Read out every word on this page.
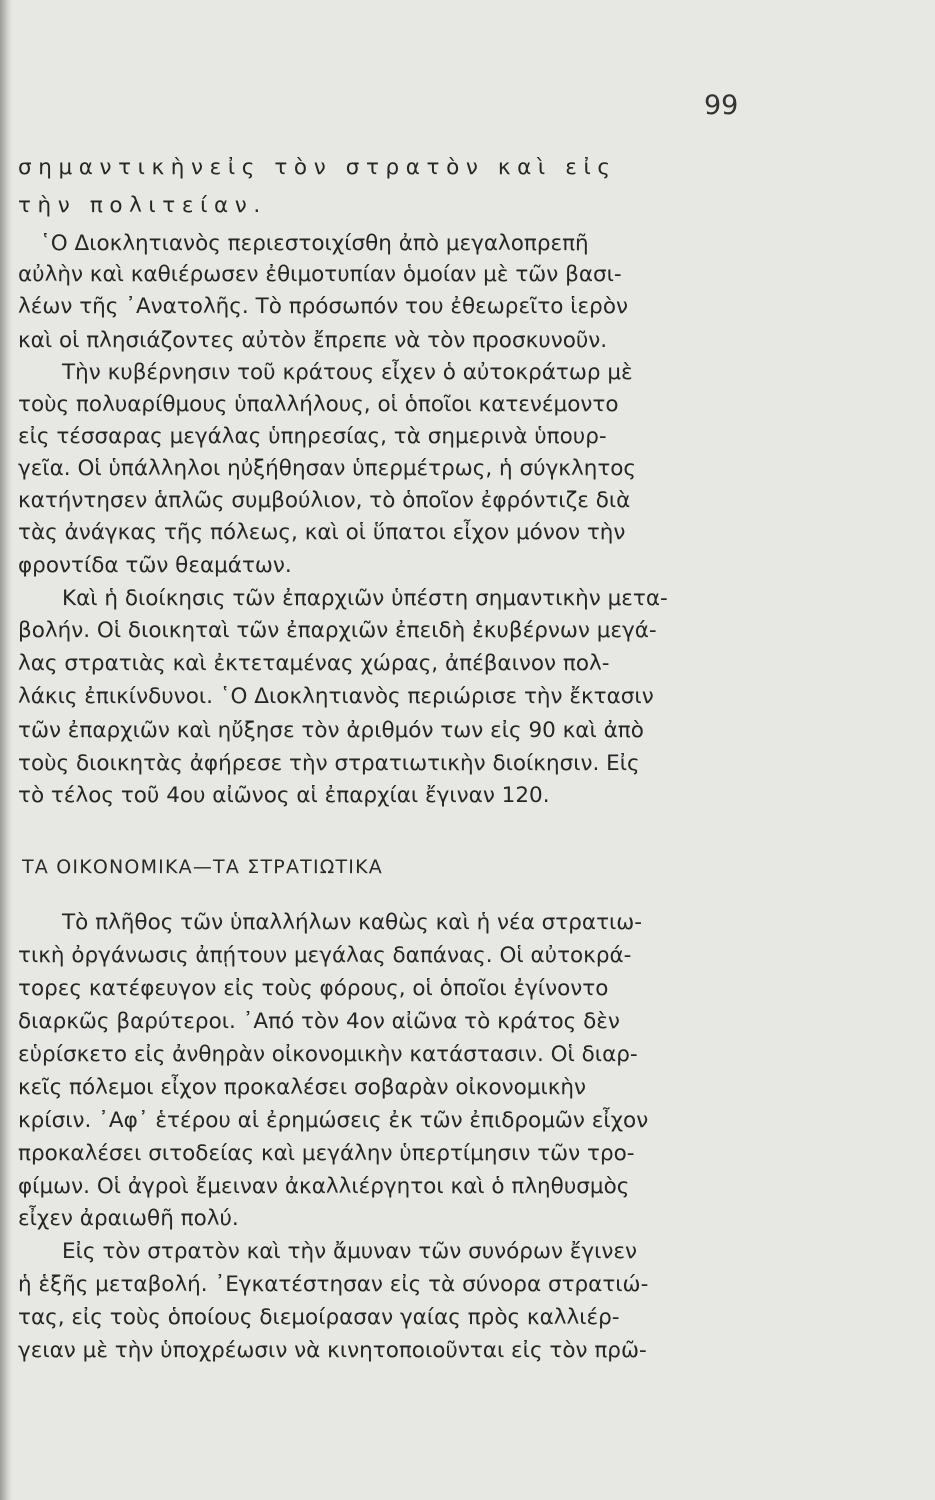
99
σημαντικὴνεἰς τὸν στρατὸν καὶ εἰς
τὴν πολιτείαν.
῾Ο Διοκλητιανὸς περιεστοιχίσθη ἀπὸ μεγαλοπρεπῆ
αὐλὴν καὶ καθιέρωσεν ἐθιμοτυπίαν ὁμοίαν μὲ τῶν βασι-
λέων τῆς ᾿Ανατολῆς. Τὸ πρόσωπόν του ἐθεωρεῖτο ἱερὸν
καὶ οἱ πλησιάζοντες αὐτὸν ἔπρεπε νὰ τὸν προσκυνοῦν.
Τὴν κυβέρνησιν τοῦ κράτους εἶχεν ὁ αὐτοκράτωρ μὲ
τοὺς πολυαρίθμους ὑπαλλήλους, οἱ ὁποῖοι κατενέμοντο
εἰς τέσσαρας μεγάλας ὑπηρεσίας, τὰ σημερινὰ ὑπουρ-
γεῖα. Οἱ ὑπάλληλοι ηὐξήθησαν ὑπερμέτρως, ἡ σύγκλητος
κατήντησεν ἁπλῶς συμβούλιον, τὸ ὁποῖον ἐφρόντιζε διὰ
τὰς ἀνάγκας τῆς πόλεως, καὶ οἱ ὕπατοι εἶχον μόνον τὴν
φροντίδα τῶν θεαμάτων.
Καὶ ἡ διοίκησις τῶν ἐπαρχιῶν ὑπέστη σημαντικὴν μετα-
βολήν. Οἱ διοικηταὶ τῶν ἐπαρχιῶν ἐπειδὴ ἐκυβέρνων μεγά-
λας στρατιὰς καὶ ἐκτεταμένας χώρας, ἀπέβαινον πολ-
λάκις ἐπικίνδυνοι. ῾Ο Διοκλητιανὸς περιώρισε τὴν ἔκτασιν
τῶν ἐπαρχιῶν καὶ ηὔξησε τὸν ἀριθμόν των εἰς 90 καὶ ἀπὸ
τοὺς διοικητὰς ἀφήρεσε τὴν στρατιωτικὴν διοίκησιν. Εἰς
τὸ τέλος τοῦ 4ου αἰῶνος αἱ ἐπαρχίαι ἔγιναν 120.
ΤΑ ΟΙΚΟΝΟΜΙΚΑ—ΤΑ ΣΤΡΑΤΙΩΤΙΚΑ
Τὸ πλῆθος τῶν ὑπαλλήλων καθὼς καὶ ἡ νέα στρατιω-
τικὴ ὀργάνωσις ἀπῄτουν μεγάλας δαπάνας. Οἱ αὐτοκρά-
τορες κατέφευγον εἰς τοὺς φόρους, οἱ ὁποῖοι ἐγίνοντο
διαρκῶς βαρύτεροι. ᾿Από τὸν 4ον αἰῶνα τὸ κράτος δὲν
εὑρίσκετο εἰς ἀνθηρὰν οἰκονομικὴν κατάστασιν. Οἱ διαρ-
κεῖς πόλεμοι εἶχον προκαλέσει σοβαρὰν οἰκονομικὴν
κρίσιν. ᾿Αφ᾿ ἑτέρου αἱ ἐρημώσεις ἐκ τῶν ἐπιδρομῶν εἶχον
προκαλέσει σιτοδείας καὶ μεγάλην ὑπερτίμησιν τῶν τρο-
φίμων. Οἱ ἀγροὶ ἔμειναν ἀκαλλιέργητοι καὶ ὁ πληθυσμὸς
εἶχεν ἀραιωθῆ πολύ.
Εἰς τὸν στρατὸν καὶ τὴν ἄμυναν τῶν συνόρων ἔγινεν
ἡ ἑξῆς μεταβολή. ᾿Εγκατέστησαν εἰς τὰ σύνορα στρατιώ-
τας, εἰς τοὺς ὁποίους διεμοίρασαν γαίας πρὸς καλλιέρ-
γειαν μὲ τὴν ὑποχρέωσιν νὰ κινητοποιοῦνται εἰς τὸν πρῶ-
